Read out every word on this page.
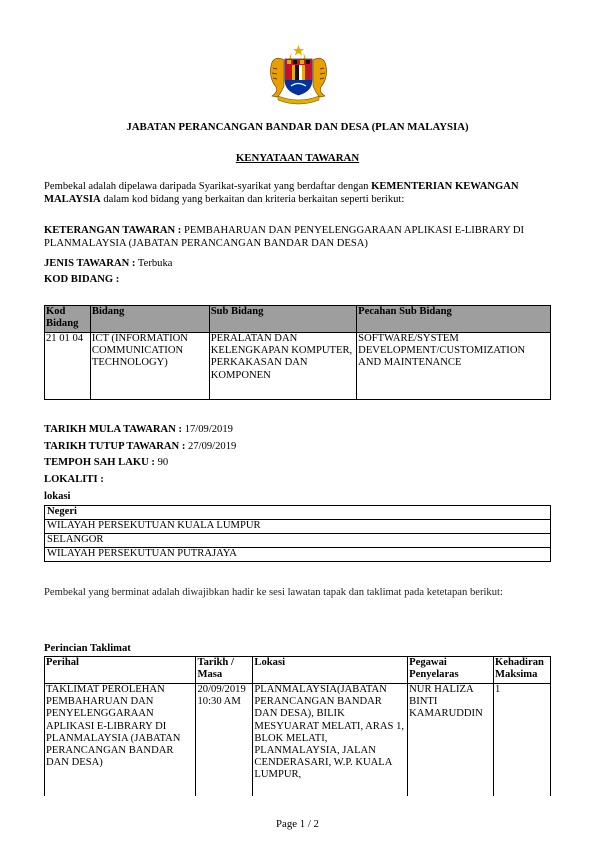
JABATAN PERANCANGAN BANDAR DAN DESA (PLAN MALAYSIA)
KENYATAAN TAWARAN
Pembekal adalah dipelawa daripada Syarikat-syarikat yang berdaftar dengan KEMENTERIAN KEWANGAN MALAYSIA dalam kod bidang yang berkaitan dan kriteria berkaitan seperti berikut:
KETERANGAN TAWARAN : PEMBAHARUAN DAN PENYELENGGARAAN APLIKASI E-LIBRARY DI PLANMALAYSIA (JABATAN PERANCANGAN BANDAR DAN DESA)
JENIS TAWARAN : Terbuka
KOD BIDANG :
Kod Bidang	Bidang	Sub Bidang	Pecahan Sub Bidang
21 01 04	ICT (INFORMATION COMMUNICATION TECHNOLOGY)	PERALATAN DAN KELENGKAPAN KOMPUTER, PERKAKASAN DAN KOMPONEN	SOFTWARE/SYSTEM DEVELOPMENT/CUSTOMIZATION AND MAINTENANCE
TARIKH MULA TAWARAN : 17/09/2019
TARIKH TUTUP TAWARAN : 27/09/2019
TEMPOH SAH LAKU : 90
LOKALITI :
lokasi
Negeri
WILAYAH PERSEKUTUAN KUALA LUMPUR
SELANGOR
WILAYAH PERSEKUTUAN PUTRAJAYA
Pembekal yang berminat adalah diwajibkan hadir ke sesi lawatan tapak dan taklimat pada ketetapan berikut:
Perincian Taklimat
Perihal	Tarikh / Masa	Lokasi	Pegawai Penyelaras	Kehadiran Maksima
TAKLIMAT PEROLEHAN PEMBAHARUAN DAN PENYELENGGARAAN APLIKASI E-LIBRARY DI PLANMALAYSIA (JABATAN PERANCANGAN BANDAR DAN DESA)	20/09/2019 10:30 AM	PLANMALAYSIA(JABATAN PERANCANGAN BANDAR DAN DESA), BILIK MESYUARAT MELATI, ARAS 1, BLOK MELATI, PLANMALAYSIA, JALAN CENDERASARI, W.P. KUALA LUMPUR,	NUR HALIZA BINTI KAMARUDDIN	1
Page 1 / 2
